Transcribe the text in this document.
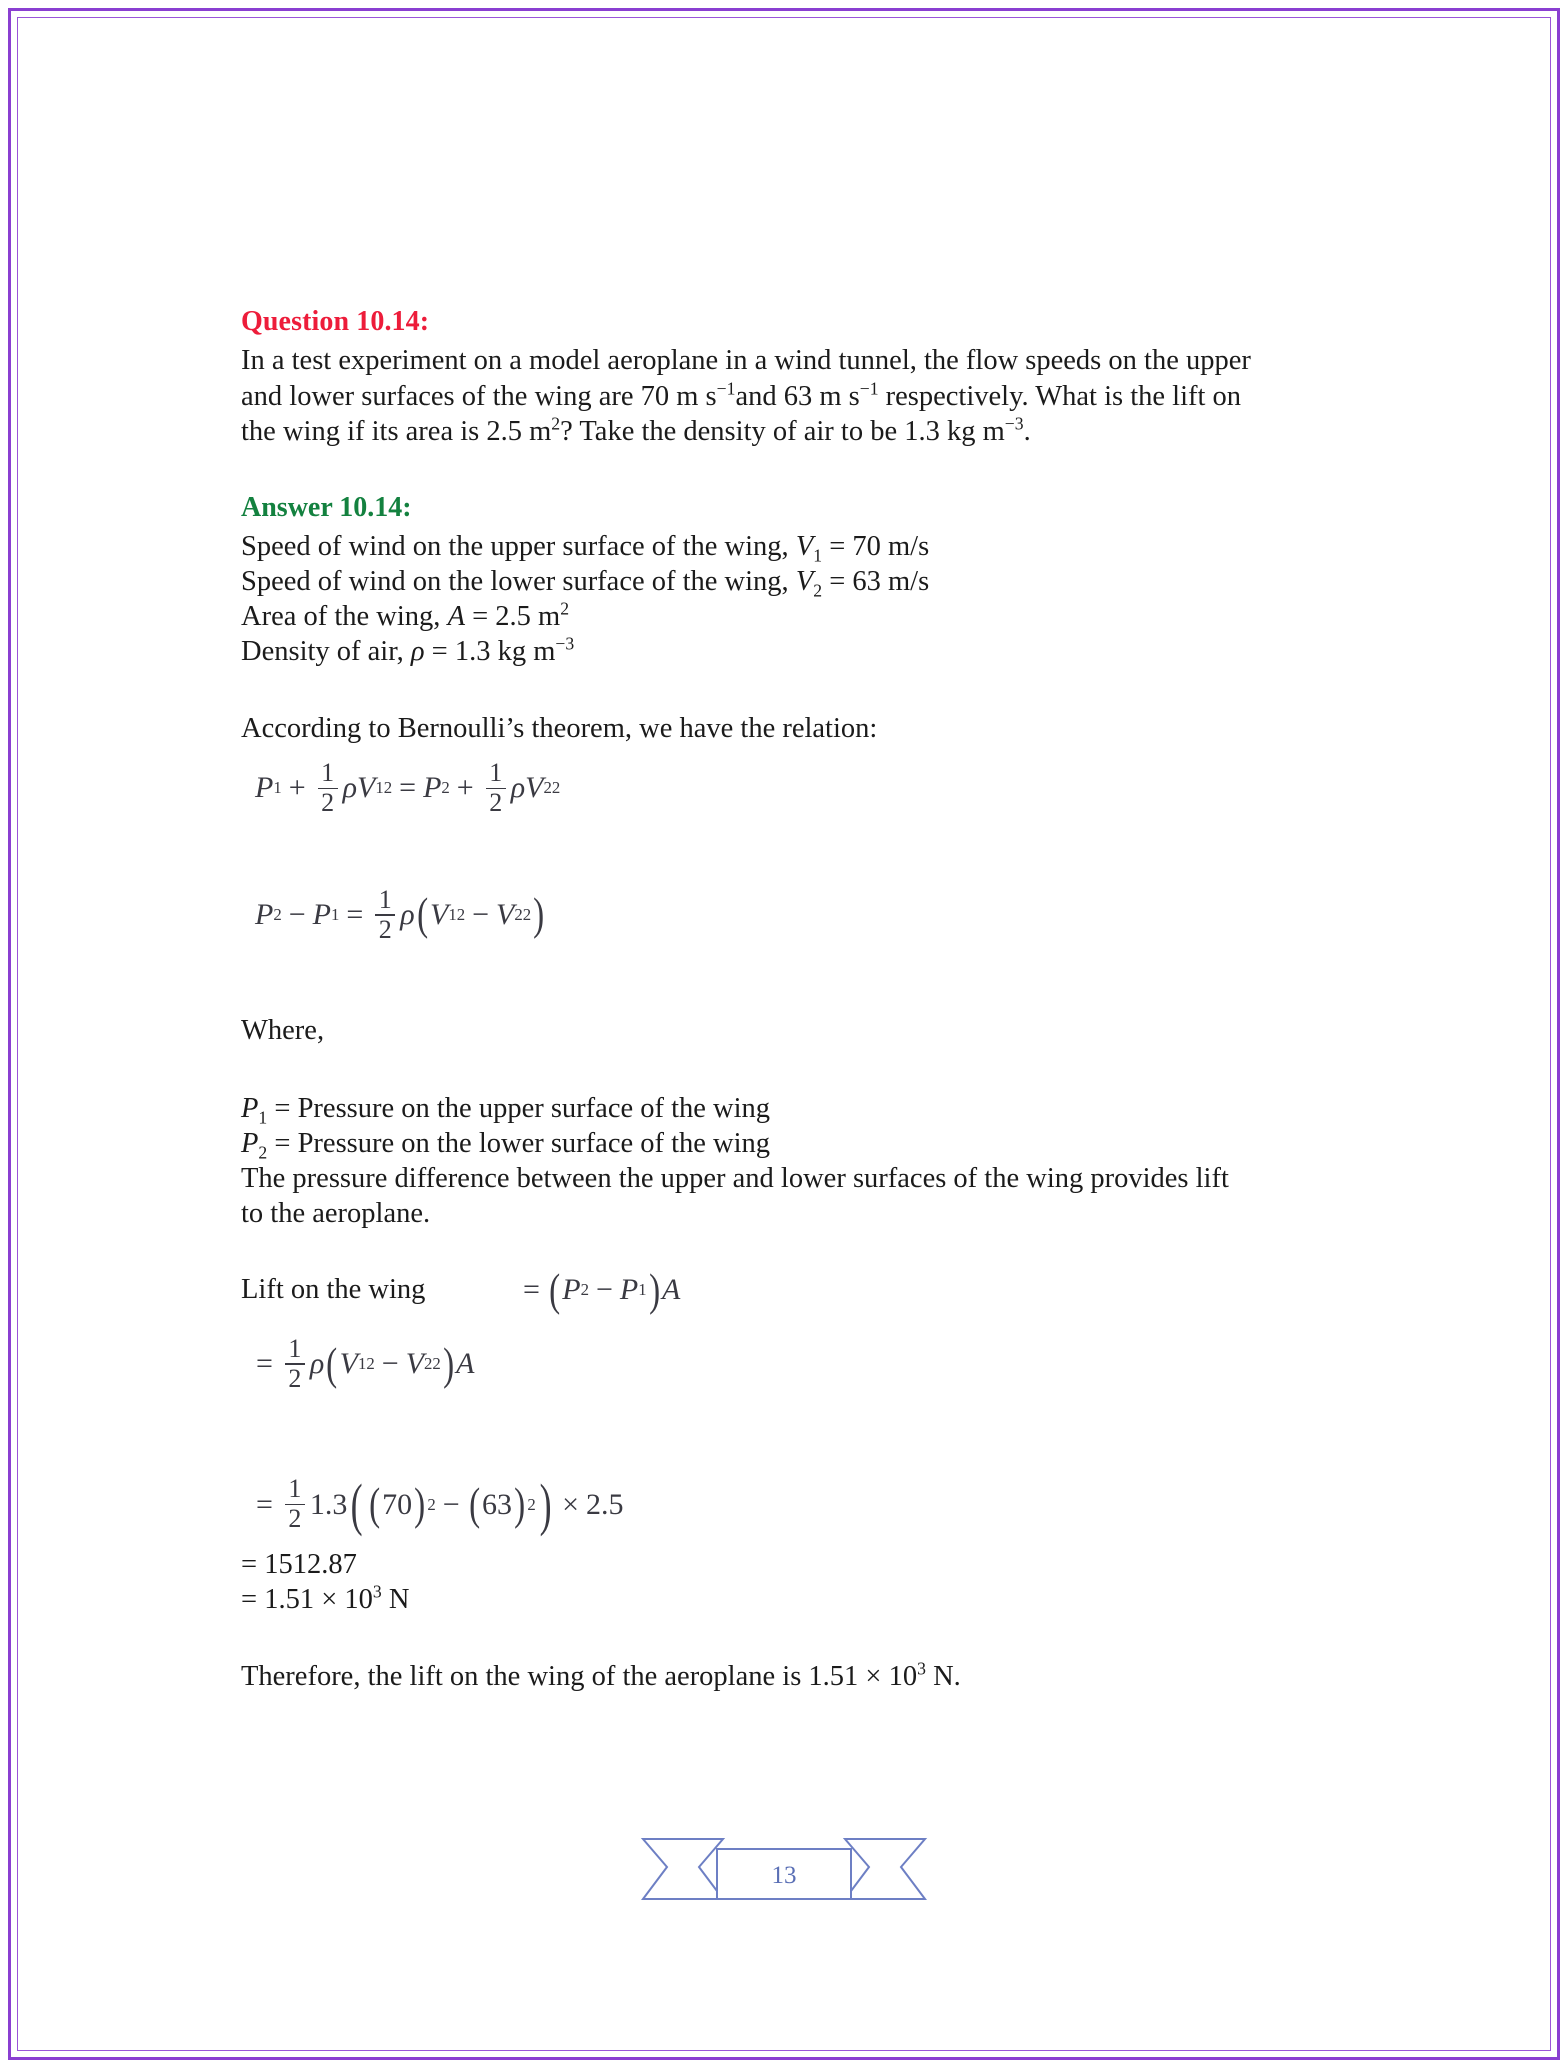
Question 10.14:

In a test experiment on a model aeroplane in a wind tunnel, the flow speeds on the upper
and lower surfaces of the wing are 70 m $s^{-1}and$ 63 m $s^{-1}$ respectively. What is the lift on
the wing if its area is 2.5 $m^2$? Take the density of air to be 1.3 kg $m^{-3}$.

Answer 10.14:

Speed of wind on the upper surface of the wing, $V_1 = 70$ m/s
Speed of wind on the lower surface of the wing, $V_2 = 63$ m/s
Area of the wing, A = 2.5 $m^2$
Density of air, ρ = 1.3 kg $m^{-3}$

According to Bernoulli’s theorem, we have the relation:

P $1 + \frac{1}{2}$ ρ V 1 2 = P $2 + \frac{1}{2}$ ρ V 2 2
P 2 − P $1 = \frac{1}{2}$ ρ ( V 1 2 − V 2 2 )

Where,

$P_1$ = Pressure on the upper surface of the wing
$P_2$ = Pressure on the lower surface of the wing
The pressure difference between the upper and lower surfaces of the wing provides lift
to the aeroplane.
Lift on the wing	= ( P 2 − P 1 ) A
= $\frac{1}{2}$ ρ ( V 1 2 − V 2 2 ) A
= $\frac{1}{2} 1.3$ ( ( 70 ) 2 − ( 63 ) 2 ) × 2.5
= 1512.87
= $1.51 \times 10^3$ N

Therefore, the lift on the wing of the aeroplane is $1.51 \times 10^3$ N.

13
